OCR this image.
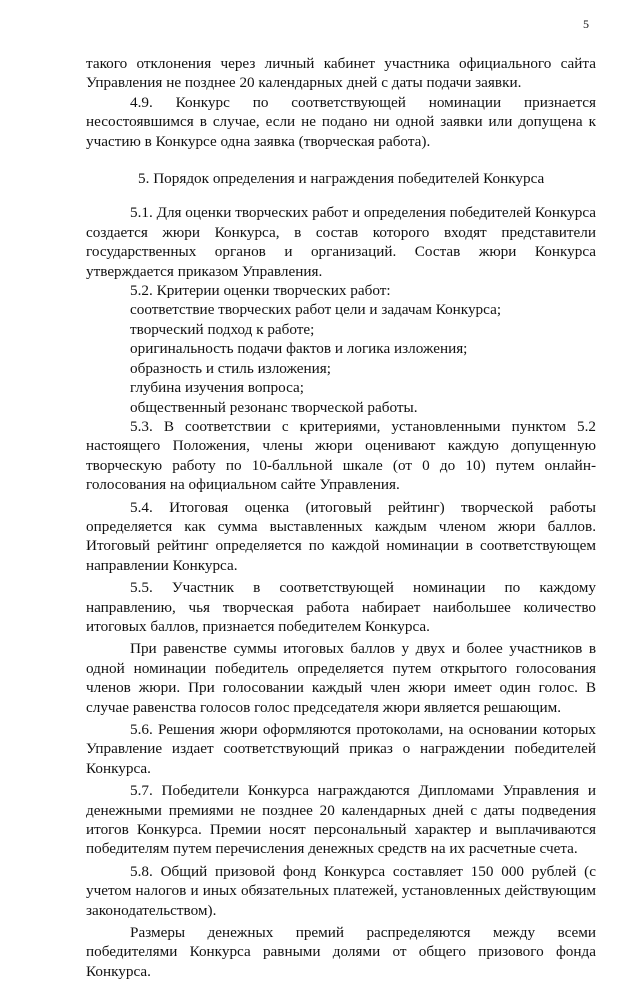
5

такого отклонения через личный кабинет участника официального сайта Управления не позднее 20 календарных дней с даты подачи заявки.

4.9. Конкурс по соответствующей номинации признается несостоявшимся в случае, если не подано ни одной заявки или допущена к участию в Конкурсе одна заявка (творческая работа).

5. Порядок определения и награждения победителей Конкурса

5.1. Для оценки творческих работ и определения победителей Конкурса создается жюри Конкурса, в состав которого входят представители государственных органов и организаций. Состав жюри Конкурса утверждается приказом Управления.

5.2. Критерии оценки творческих работ:

соответствие творческих работ цели и задачам Конкурса;
творческий подход к работе;
оригинальность подачи фактов и логика изложения;
образность и стиль изложения;
глубина изучения вопроса;
общественный резонанс творческой работы.

5.3. В соответствии с критериями, установленными пунктом 5.2 настоящего Положения, члены жюри оценивают каждую допущенную творческую работу по 10-балльной шкале (от 0 до 10) путем онлайн-голосования на официальном сайте Управления.

5.4. Итоговая оценка (итоговый рейтинг) творческой работы определяется как сумма выставленных каждым членом жюри баллов. Итоговый рейтинг определяется по каждой номинации в соответствующем направлении Конкурса.

5.5. Участник в соответствующей номинации по каждому направлению, чья творческая работа набирает наибольшее количество итоговых баллов, признается победителем Конкурса.

При равенстве суммы итоговых баллов у двух и более участников в одной номинации победитель определяется путем открытого голосования членов жюри. При голосовании каждый член жюри имеет один голос. В случае равенства голосов голос председателя жюри является решающим.

5.6. Решения жюри оформляются протоколами, на основании которых Управление издает соответствующий приказ о награждении победителей Конкурса.

5.7. Победители Конкурса награждаются Дипломами Управления и денежными премиями не позднее 20 календарных дней с даты подведения итогов Конкурса. Премии носят персональный характер и выплачиваются победителям путем перечисления денежных средств на их расчетные счета.

5.8. Общий призовой фонд Конкурса составляет 150 000 рублей (с учетом налогов и иных обязательных платежей, установленных действующим законодательством).

Размеры денежных премий распределяются между всеми победителями Конкурса равными долями от общего призового фонда Конкурса.
